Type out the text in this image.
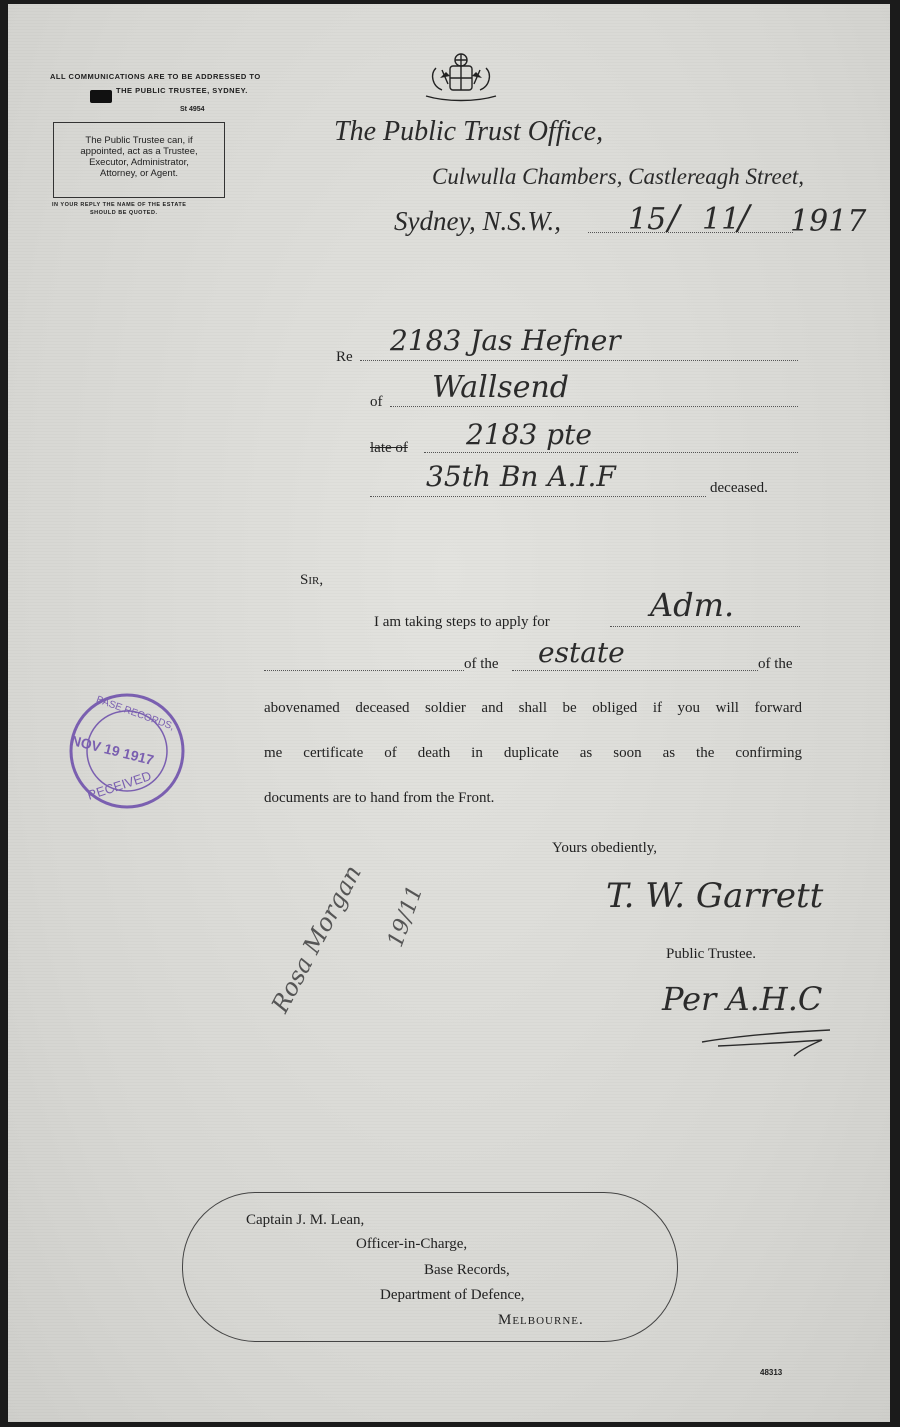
ALL COMMUNICATIONS ARE TO BE ADDRESSED TO
THE PUBLIC TRUSTEE, SYDNEY.
St 4954
The Public Trustee can, if
appointed, act as a Trustee,
Executor, Administrator,
Attorney, or Agent.
IN YOUR REPLY THE NAME OF THE ESTATE
SHOULD BE QUOTED.
The Public Trust Office,
Culwulla Chambers, Castlereagh Street,
Sydney, N.S.W., 15 / 11
/ 1917
Re 2183 Jas Hefner
of Wallsend
late of 2183 pte
35th Bn A.I.F	deceased.
Sir,
I am taking steps to apply for	Adm.
of the estate	of the
abovenamed deceased soldier and shall be obliged if you will forward
me certificate of death in duplicate as soon as the confirming
documents are to hand from the Front.
Yours obediently,
T. W. Garrett
Public Trustee.
Per A.H.C
BASE RECORDS,
NOV 19 1917
RECEIVED
Rosa Morgan 19/11
Captain J. M. Lean,
Officer-in-Charge,
Base Records,
Department of Defence,
Melbourne.
48313
